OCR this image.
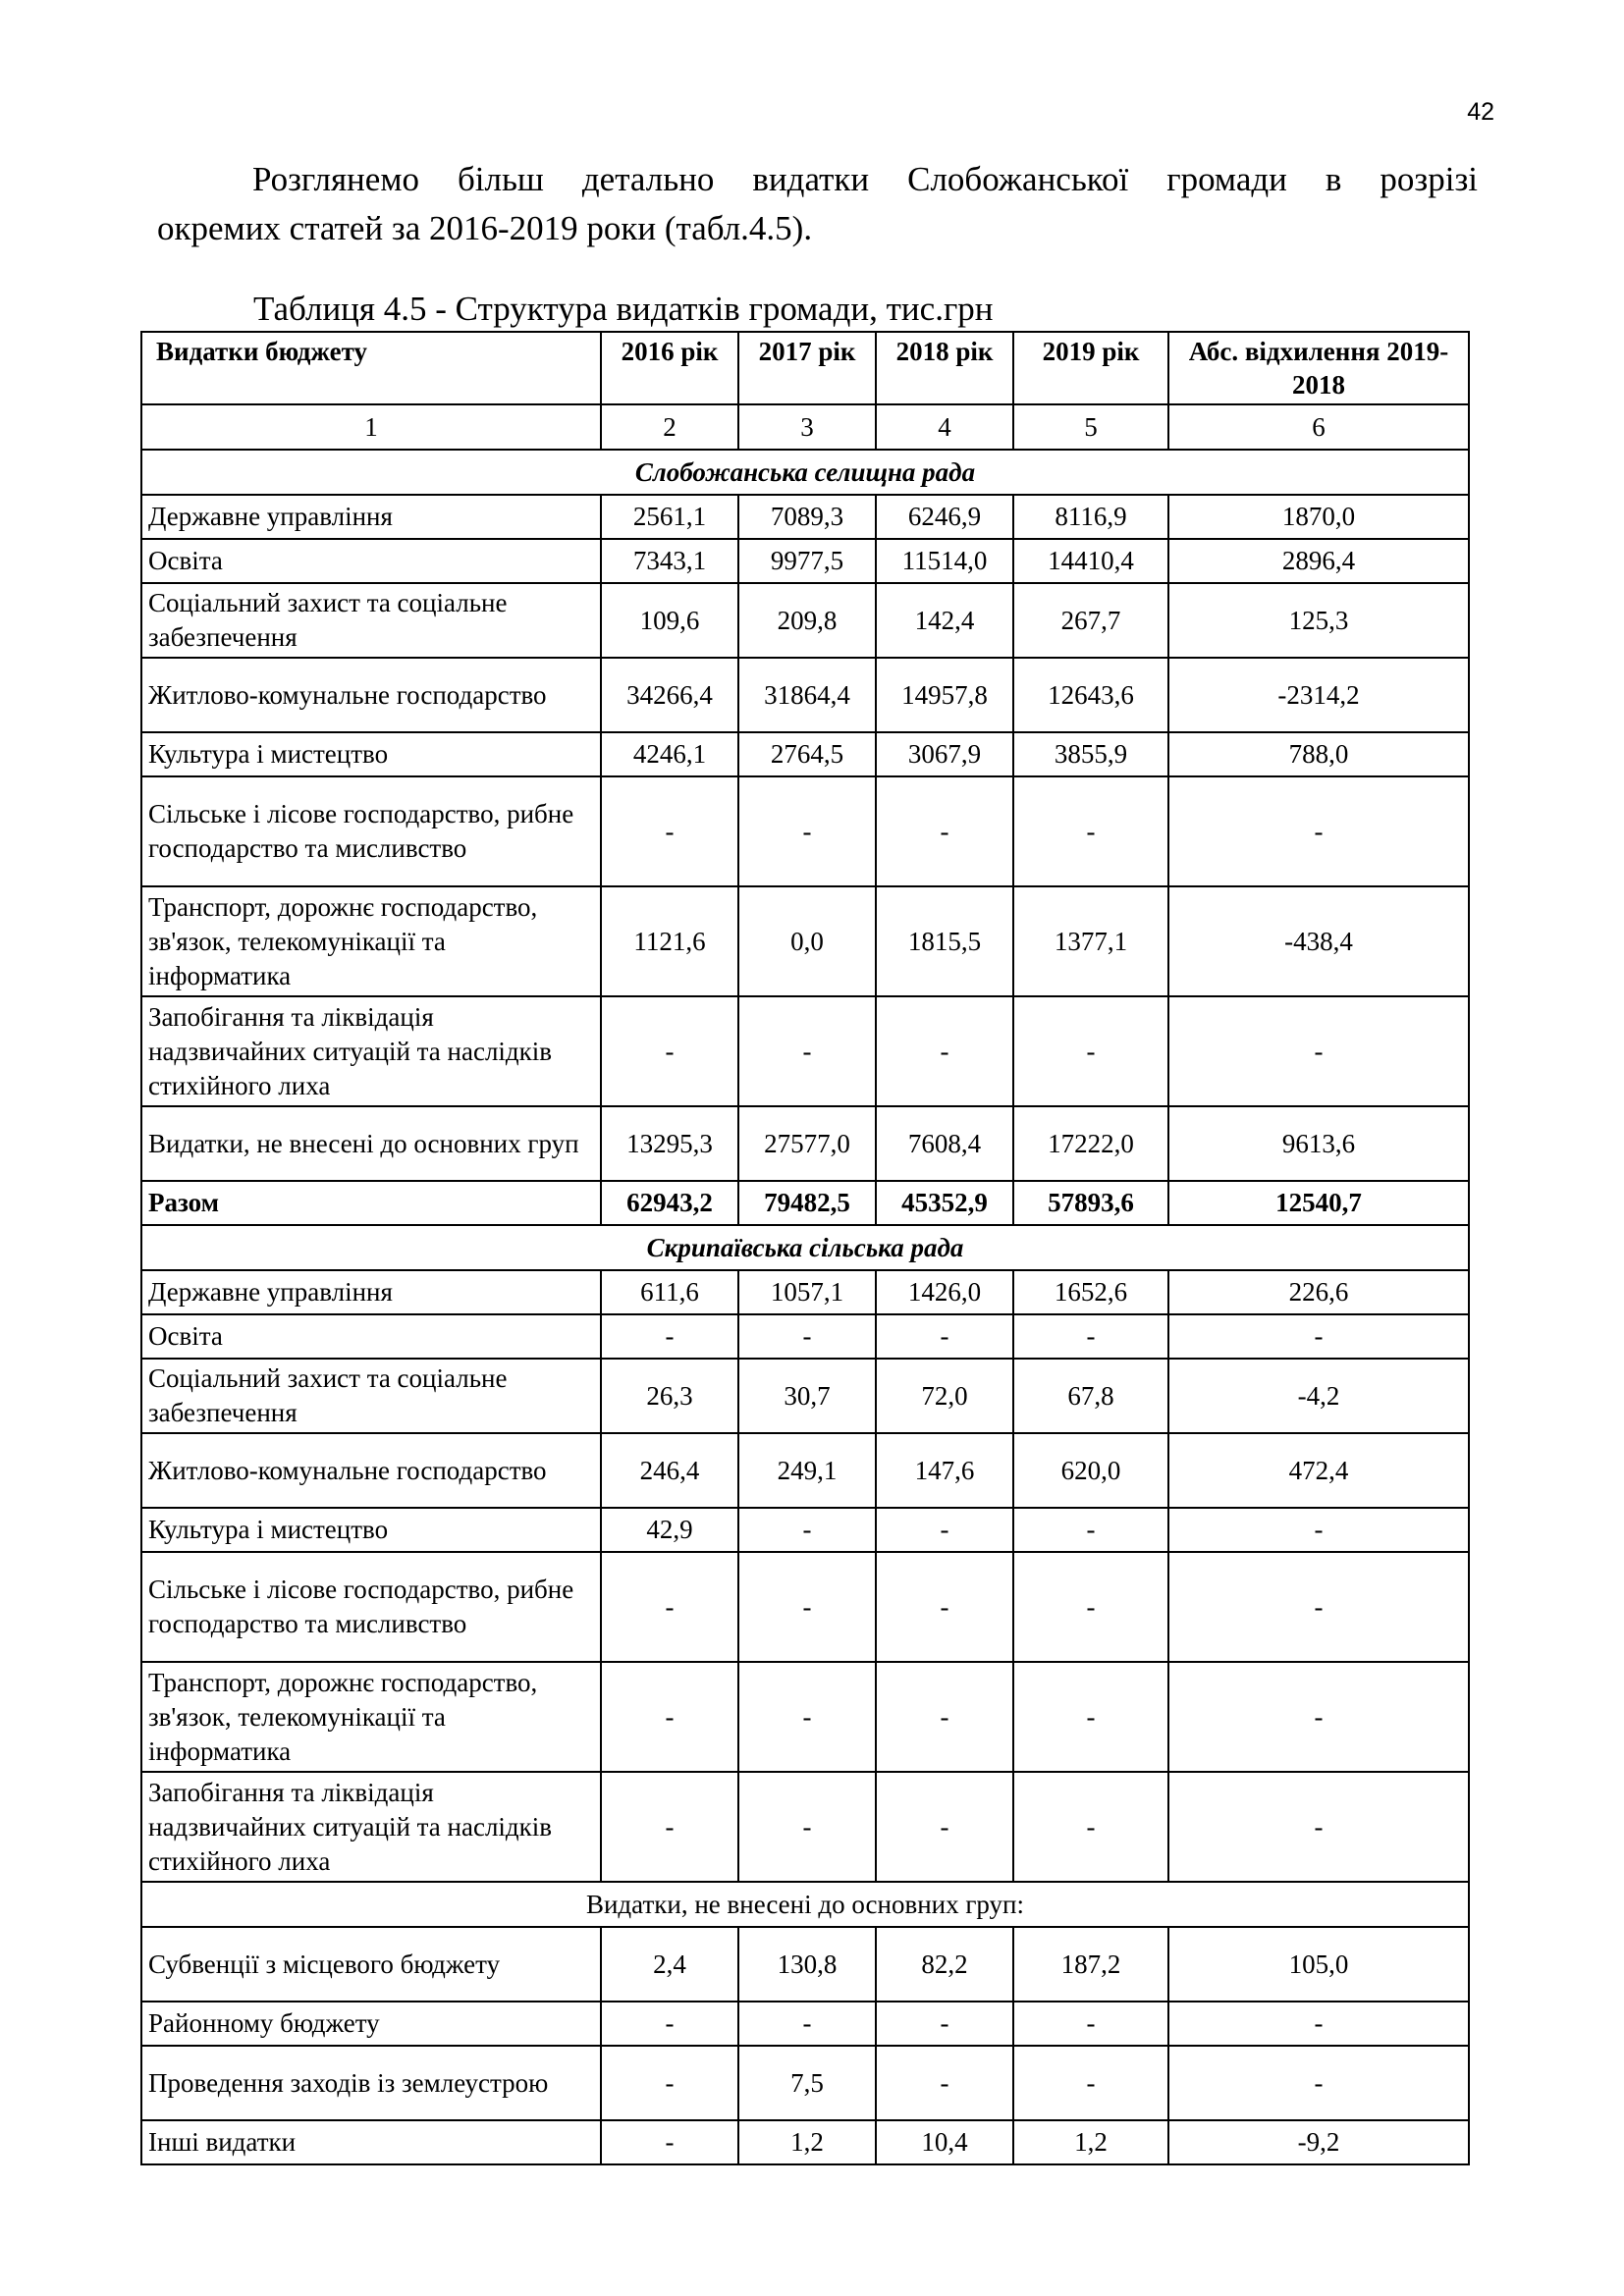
42

Розглянемо більш детально видатки Слобожанської громади в розрізі
окремих статей за 2016-2019 роки (табл.4.5).

Таблиця 4.5 - Структура видатків громади, тис.грн

Видатки бюджету	2016 рік	2017 рік	2018 рік	2019 рік	Абс. відхилення 2019-2018
1	2	3	4	5	6
Слобожанська селищна рада					
Державне управління	2561,1	7089,3	6246,9	8116,9	1870,0
Освіта	7343,1	9977,5	11514,0	14410,4	2896,4
Соціальний захист та соціальне забезпечення	109,6	209,8	142,4	267,7	125,3
Житлово-комунальне господарство	34266,4	31864,4	14957,8	12643,6	-2314,2
Культура і мистецтво	4246,1	2764,5	3067,9	3855,9	788,0
Сільське і лісове господарство, рибне господарство та мисливство	-	-	-	-	-
Транспорт, дорожнє господарство, зв'язок, телекомунікації та інформатика	1121,6	0,0	1815,5	1377,1	-438,4
Запобігання та ліквідація надзвичайних ситуацій та наслідків стихійного лиха	-	-	-	-	-
Видатки, не внесені до основних груп	13295,3	27577,0	7608,4	17222,0	9613,6
Разом	62943,2	79482,5	45352,9	57893,6	12540,7
Скрипаївська сільська рада					
Державне управління	611,6	1057,1	1426,0	1652,6	226,6
Освіта	-	-	-	-	-
Соціальний захист та соціальне забезпечення	26,3	30,7	72,0	67,8	-4,2
Житлово-комунальне господарство	246,4	249,1	147,6	620,0	472,4
Культура і мистецтво	42,9	-	-	-	-
Сільське і лісове господарство, рибне господарство та мисливство	-	-	-	-	-
Транспорт, дорожнє господарство, зв'язок, телекомунікації та інформатика	-	-	-	-	-
Запобігання та ліквідація надзвичайних ситуацій та наслідків стихійного лиха	-	-	-	-	-
Видатки, не внесені до основних груп:					
Субвенції з місцевого бюджету	2,4	130,8	82,2	187,2	105,0
Районному бюджету	-	-	-	-	-
Проведення заходів із землеустрою	-	7,5	-	-	-
Інші видатки	-	1,2	10,4	1,2	-9,2
